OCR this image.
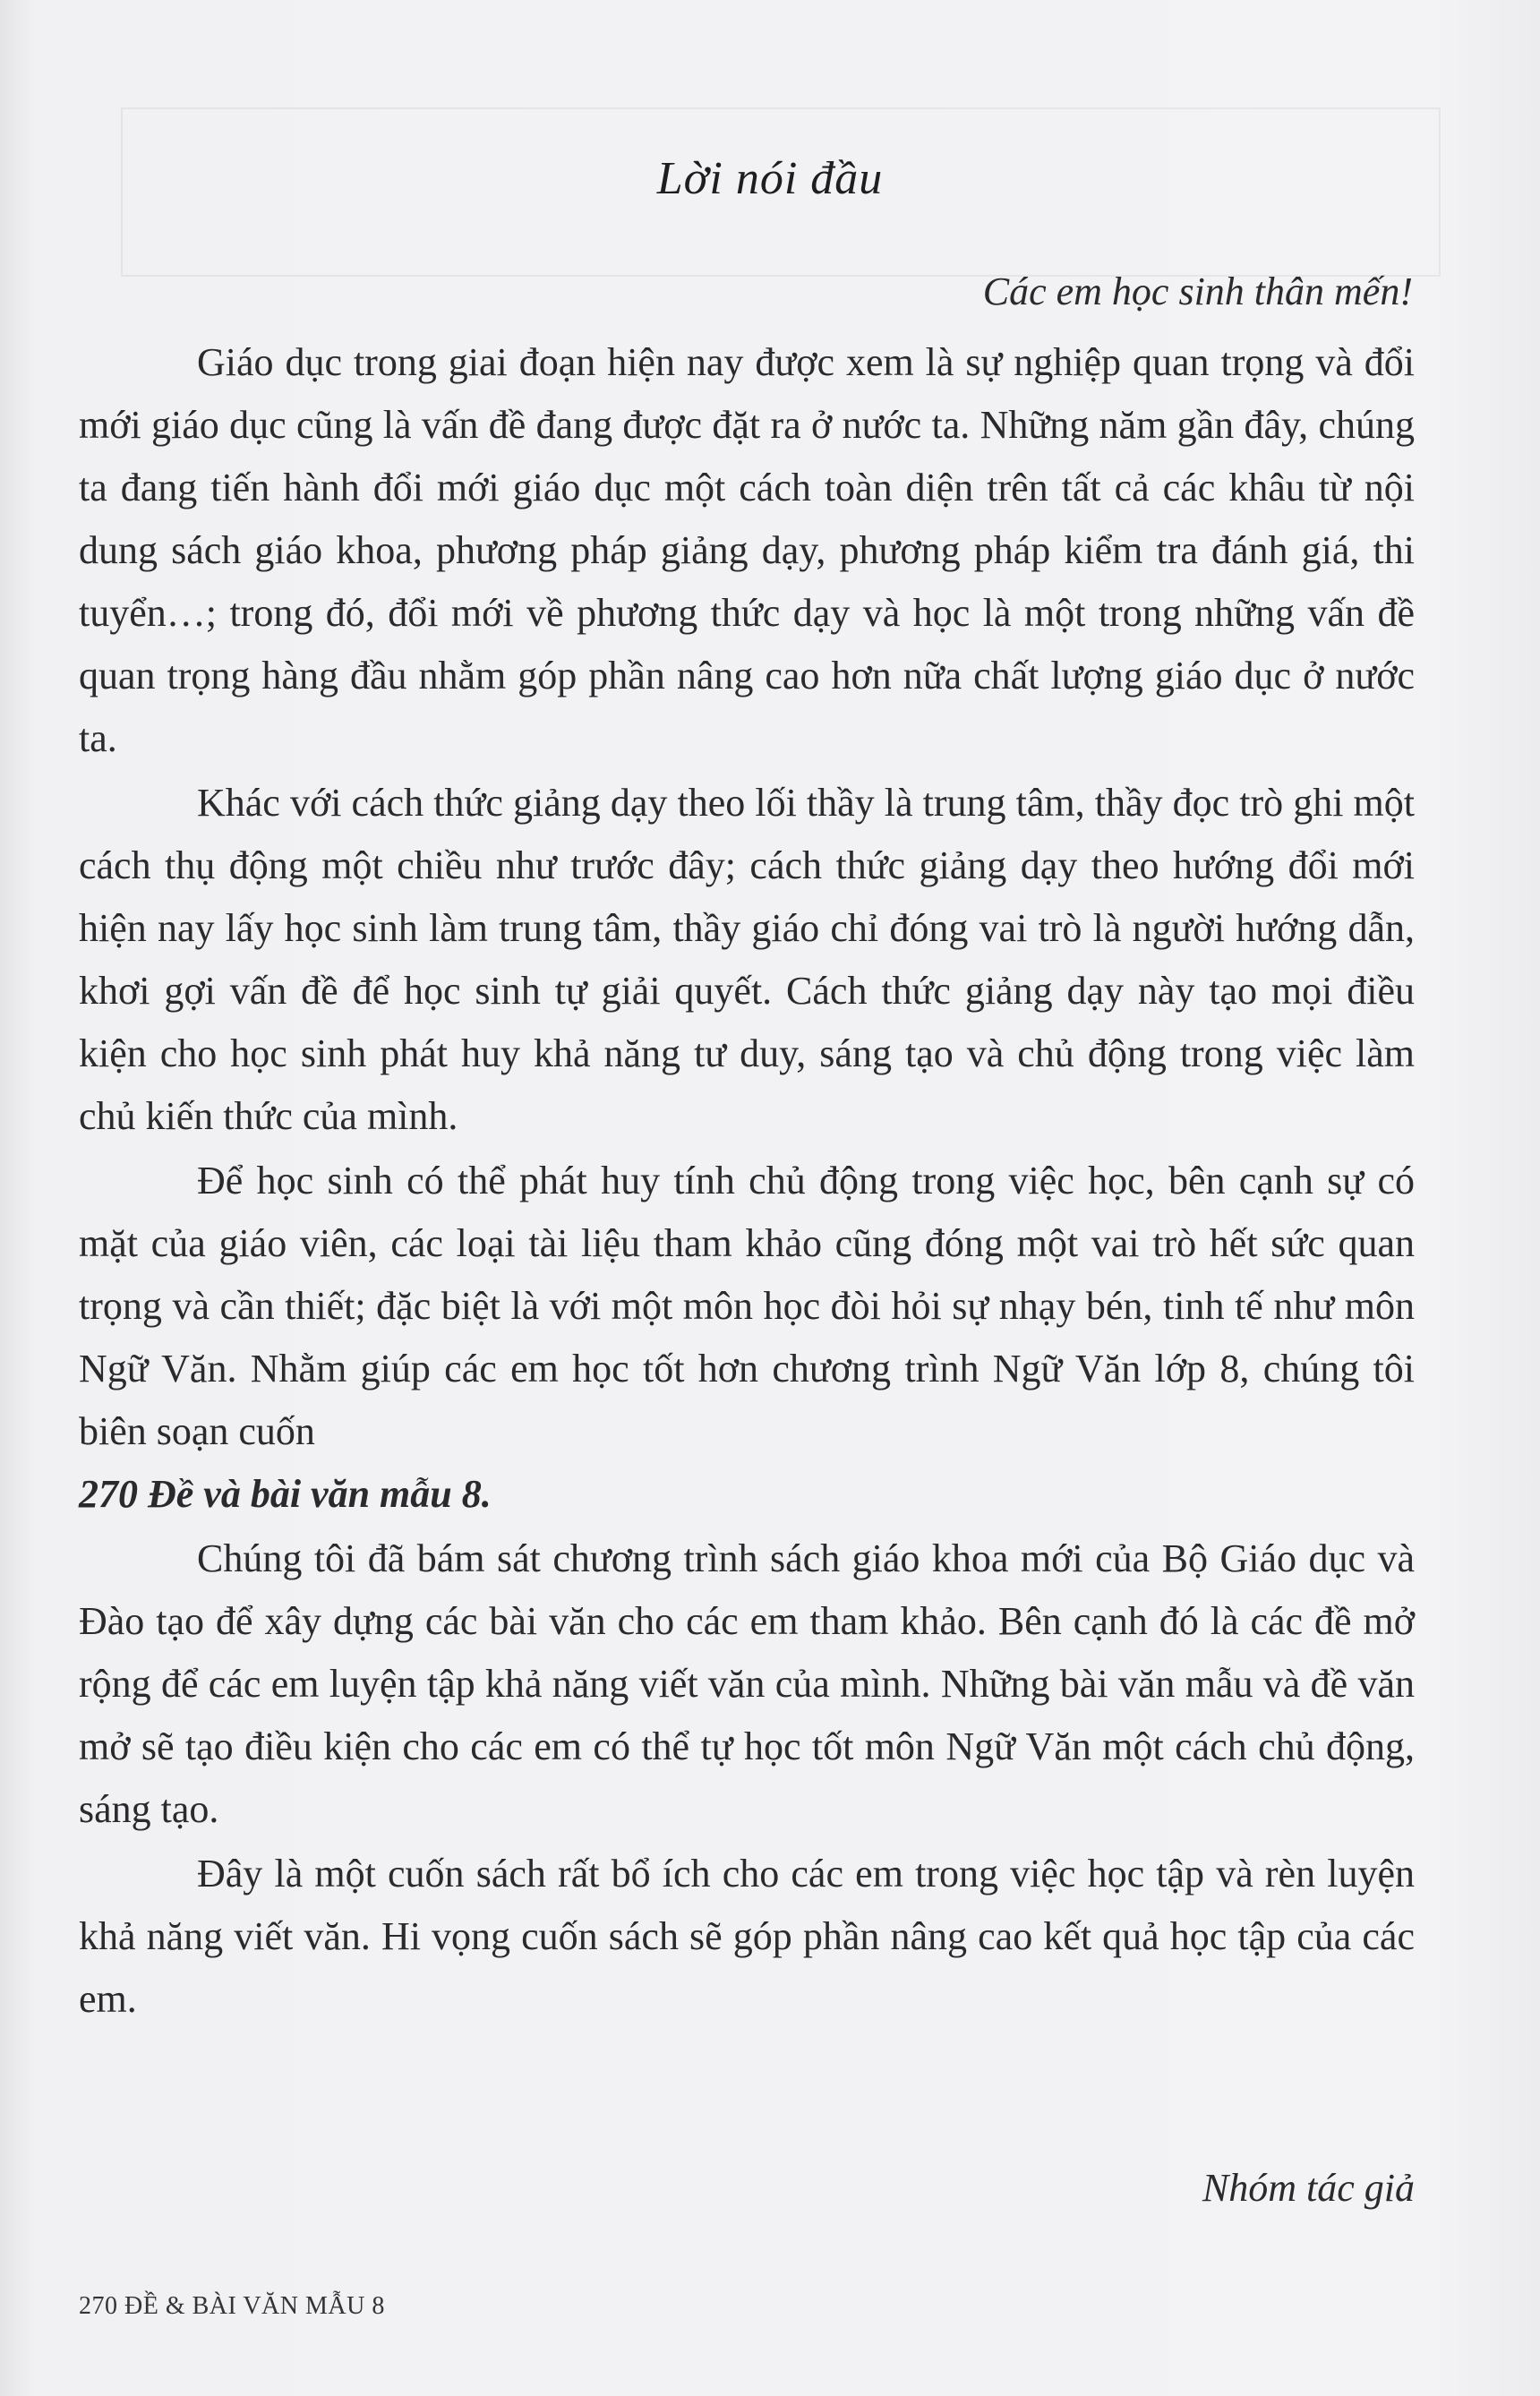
Lời nói đầu
Các em học sinh thân mến!

Giáo dục trong giai đoạn hiện nay được xem là sự nghiệp quan trọng và đổi mới giáo dục cũng là vấn đề đang được đặt ra ở nước ta. Những năm gần đây, chúng ta đang tiến hành đổi mới giáo dục một cách toàn diện trên tất cả các khâu từ nội dung sách giáo khoa, phương pháp giảng dạy, phương pháp kiểm tra đánh giá, thi tuyển…; trong đó, đổi mới về phương thức dạy và học là một trong những vấn đề quan trọng hàng đầu nhằm góp phần nâng cao hơn nữa chất lượng giáo dục ở nước ta.

Khác với cách thức giảng dạy theo lối thầy là trung tâm, thầy đọc trò ghi một cách thụ động một chiều như trước đây; cách thức giảng dạy theo hướng đổi mới hiện nay lấy học sinh làm trung tâm, thầy giáo chỉ đóng vai trò là người hướng dẫn, khơi gợi vấn đề để học sinh tự giải quyết. Cách thức giảng dạy này tạo mọi điều kiện cho học sinh phát huy khả năng tư duy, sáng tạo và chủ động trong việc làm chủ kiến thức của mình.

Để học sinh có thể phát huy tính chủ động trong việc học, bên cạnh sự có mặt của giáo viên, các loại tài liệu tham khảo cũng đóng một vai trò hết sức quan trọng và cần thiết; đặc biệt là với một môn học đòi hỏi sự nhạy bén, tinh tế như môn Ngữ Văn. Nhằm giúp các em học tốt hơn chương trình Ngữ Văn lớp 8, chúng tôi biên soạn cuốn
270 Đề và bài văn mẫu 8.

Chúng tôi đã bám sát chương trình sách giáo khoa mới của Bộ Giáo dục và Đào tạo để xây dựng các bài văn cho các em tham khảo. Bên cạnh đó là các đề mở rộng để các em luyện tập khả năng viết văn của mình. Những bài văn mẫu và đề văn mở sẽ tạo điều kiện cho các em có thể tự học tốt môn Ngữ Văn một cách chủ động, sáng tạo.

Đây là một cuốn sách rất bổ ích cho các em trong việc học tập và rèn luyện khả năng viết văn. Hi vọng cuốn sách sẽ góp phần nâng cao kết quả học tập của các em.

Nhóm tác giả
270 ĐỀ & BÀI VĂN MẪU 8
